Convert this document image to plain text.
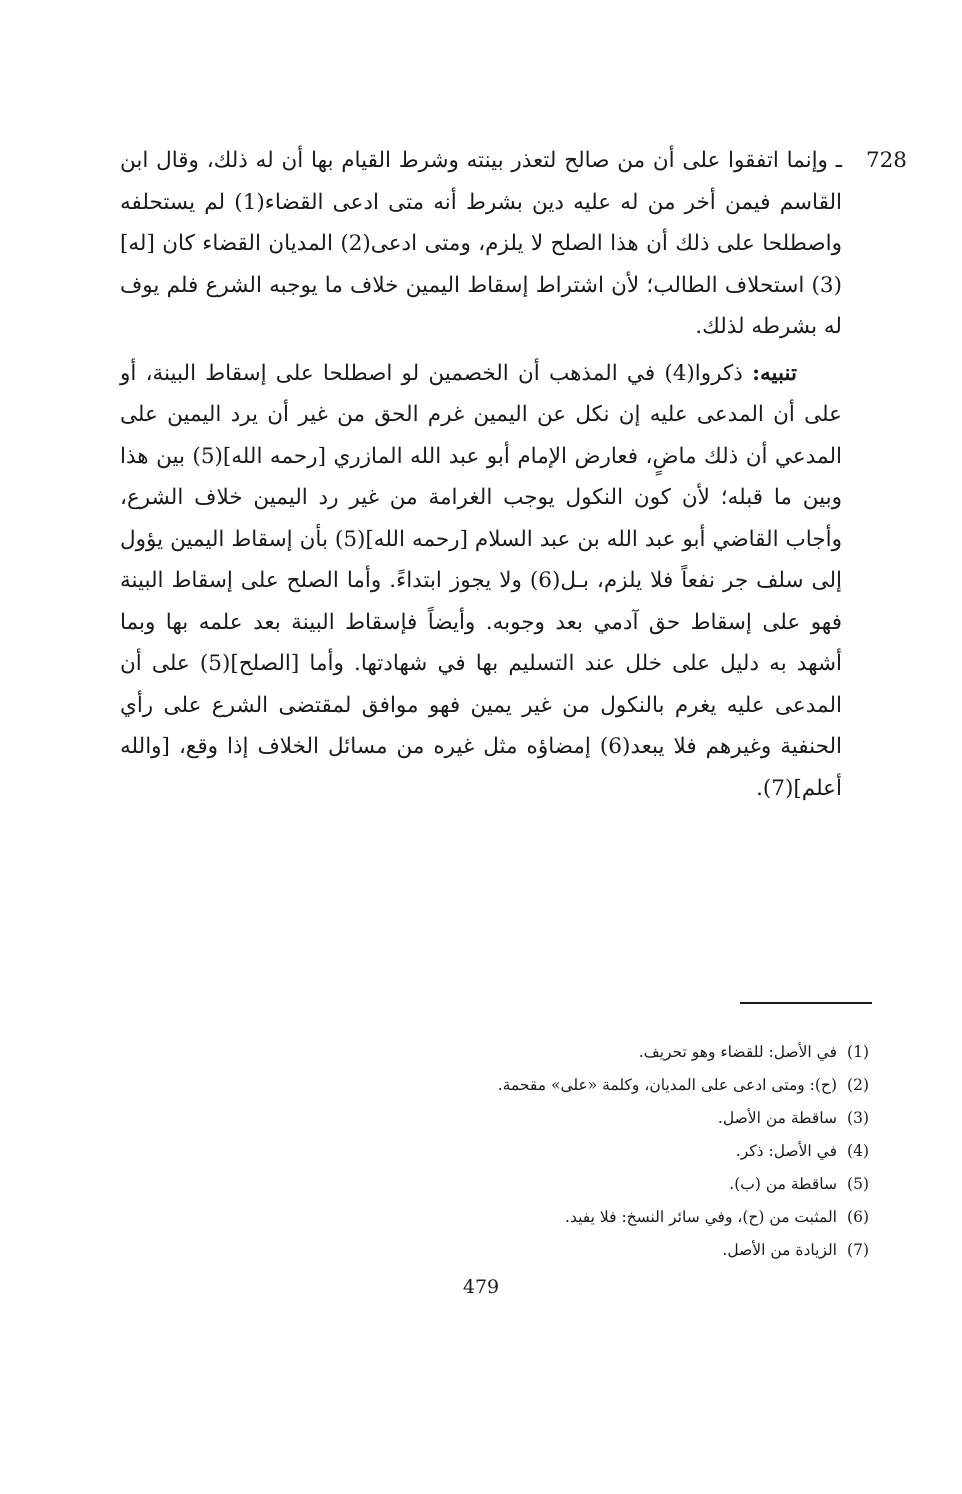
728

ـ وإنما اتفقوا على أن من صالح لتعذر بينته وشرط القيام بها أن له ذلك، وقال ابن القاسم فيمن أخر من له عليه دين بشرط أنه متى ادعى القضاء(1) لم يستحلفه واصطلحا على ذلك أن هذا الصلح لا يلزم، ومتى ادعى(2) المديان القضاء كان [له](3) استحلاف الطالب؛ لأن اشتراط إسقاط اليمين خلاف ما يوجبه الشرع فلم يوف له بشرطه لذلك.

تنبيه: ذكروا(4) في المذهب أن الخصمين لو اصطلحا على إسقاط البينة، أو على أن المدعى عليه إن نكل عن اليمين غرم الحق من غير أن يرد اليمين على المدعي أن ذلك ماضٍ، فعارض الإمام أبو عبد الله المازري [رحمه الله](5) بين هذا وبين ما قبله؛ لأن كون النكول يوجب الغرامة من غير رد اليمين خلاف الشرع، وأجاب القاضي أبو عبد الله بن عبد السلام [رحمه الله](5) بأن إسقاط اليمين يؤول إلى سلف جر نفعاً فلا يلزم، بـل(6) ولا يجوز ابتداءً. وأما الصلح على إسقاط البينة فهو على إسقاط حق آدمي بعد وجوبه. وأيضاً فإسقاط البينة بعد علمه بها وبما أشهد به دليل على خلل عند التسليم بها في شهادتها. وأما [الصلح](5) على أن المدعى عليه يغرم بالنكول من غير يمين فهو موافق لمقتضى الشرع على رأي الحنفية وغيرهم فلا يبعد(6) إمضاؤه مثل غيره من مسائل الخلاف إذا وقع، [والله أعلم](7).

(1)في الأصل: للقضاء وهو تحريف.
(2)(ح): ومتى ادعى على المديان، وكلمة «على» مقحمة.
(3)ساقطة من الأصل.
(4)في الأصل: ذكر.
(5)ساقطة من (ب).
(6)المثبت من (ح)، وفي سائر النسخ: فلا يفيد.
(7)الزيادة من الأصل.
479
